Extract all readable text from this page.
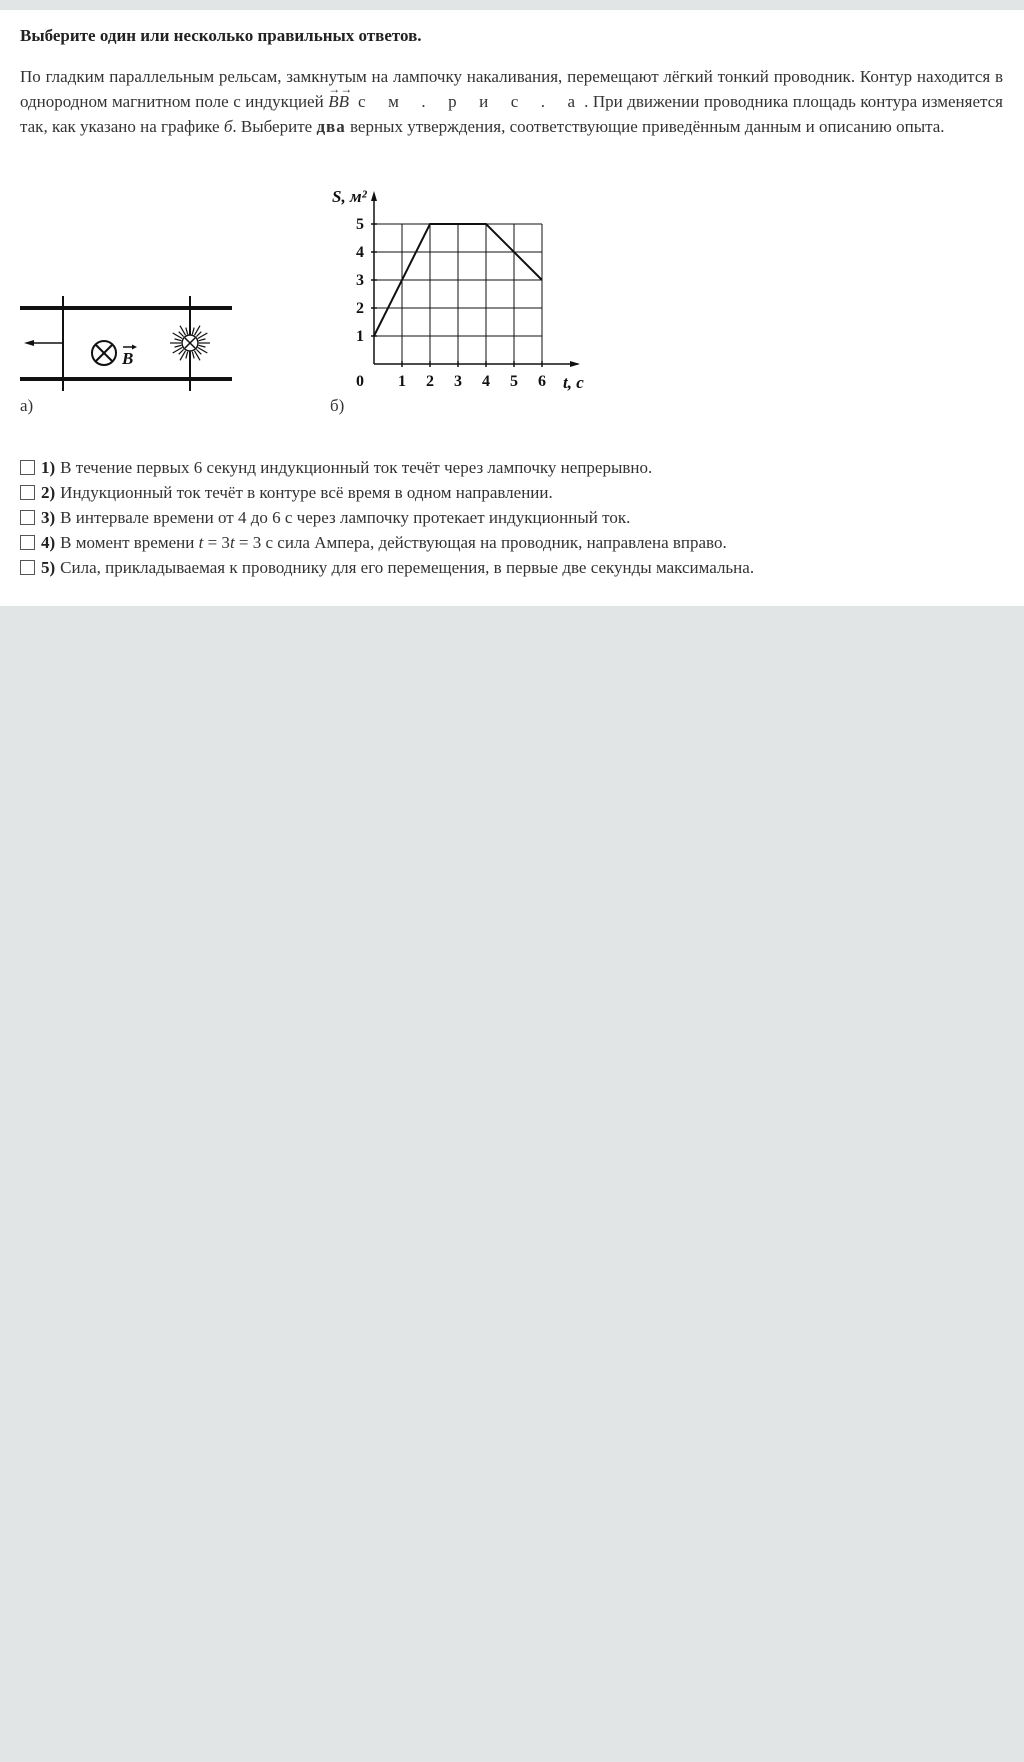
Выберите один или несколько правильных ответов.
По гладким параллельным рельсам, замкнутым на лампочку накаливания, перемещают лёгкий тонкий проводник. Контур находится в однородном магнитном поле с индукцией
→→
BB с м . р и с . а. При движении проводника площадь контура изменяется так, как указано на графике б. Выберите два верных утверждения, соответствующие приведённым данным и описанию опыта.
B
а)
0 1 2 3 4 5 6
1
2
3
4
5
S, м²
t, с
б)
1) В течение первых 6 секунд индукционный ток течёт через лампочку непрерывно.
2) Индукционный ток течёт в контуре всё время в одном направлении.
3) В интервале времени от 4 до 6 с через лампочку протекает индукционный ток.
4) В момент времени t = 3t = 3 с сила Ампера, действующая на проводник, направлена вправо.
5) Сила, прикладываемая к проводнику для его перемещения, в первые две секунды максимальна.
